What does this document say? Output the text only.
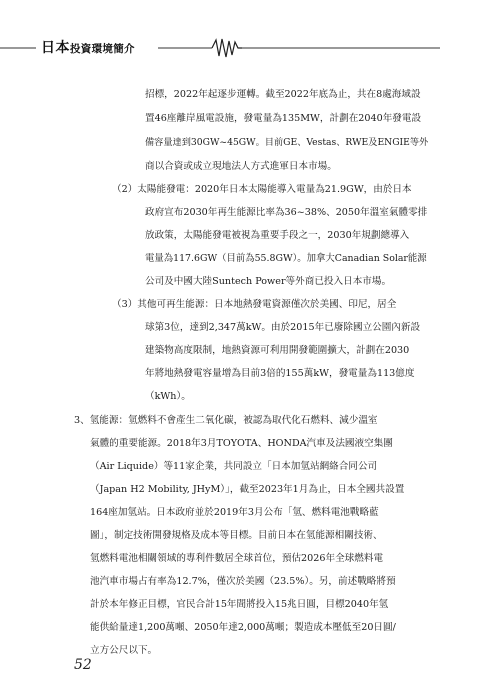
日本投資環境簡介
招標，2022年起逐步運轉。截至2022年底為止，共在8處海域設
置46座離岸風電設施，發電量為135MW，計劃在2040年發電設
備容量達到30GW~45GW。目前GE、Vestas、RWE及ENGIE等外
商以合資或成立現地法人方式進軍日本市場。
（2）太陽能發電：2020年日本太陽能導入電量為21.9GW，由於日本
政府宣布2030年再生能源比率為36~38%、2050年溫室氣體零排
放政策，太陽能發電被視為重要手段之一，2030年規劃總導入
電量為117.6GW（目前為55.8GW）。加拿大Canadian Solar能源
公司及中國大陸Suntech Power等外商已投入日本市場。
（3）其他可再生能源：日本地熱發電資源僅次於美國、印尼，居全
球第3位，達到2,347萬kW。由於2015年已廢除國立公園內新設
建築物高度限制，地熱資源可利用開發範圍擴大，計劃在2030
年將地熱發電容量增為目前3倍的155萬kW，發電量為113億度
（kWh）。
3、氫能源：氫燃料不會產生二氧化碳，被認為取代化石燃料、減少溫室
氣體的重要能源。2018年3月TOYOTA、HONDA汽車及法國液空集團
（Air Liquide）等11家企業，共同設立「日本加氫站網絡合同公司
（Japan H2 Mobility, JHyM）」，截至2023年1月為止，日本全國共設置
164座加氫站。日本政府並於2019年3月公布「氫、燃料電池戰略藍
圖」，制定技術開發規格及成本等目標。目前日本在氫能源相關技術、
氫燃料電池相關領域的專利件數居全球首位，預估2026年全球燃料電
池汽車市場占有率為12.7%，僅次於美國（23.5%）。另，前述戰略將預
計於本年修正目標，官民合計15年間將投入15兆日圓，目標2040年氫
能供給量達1,200萬噸、2050年達2,000萬噸；製造成本壓低至20日圓/
立方公尺以下。
52
